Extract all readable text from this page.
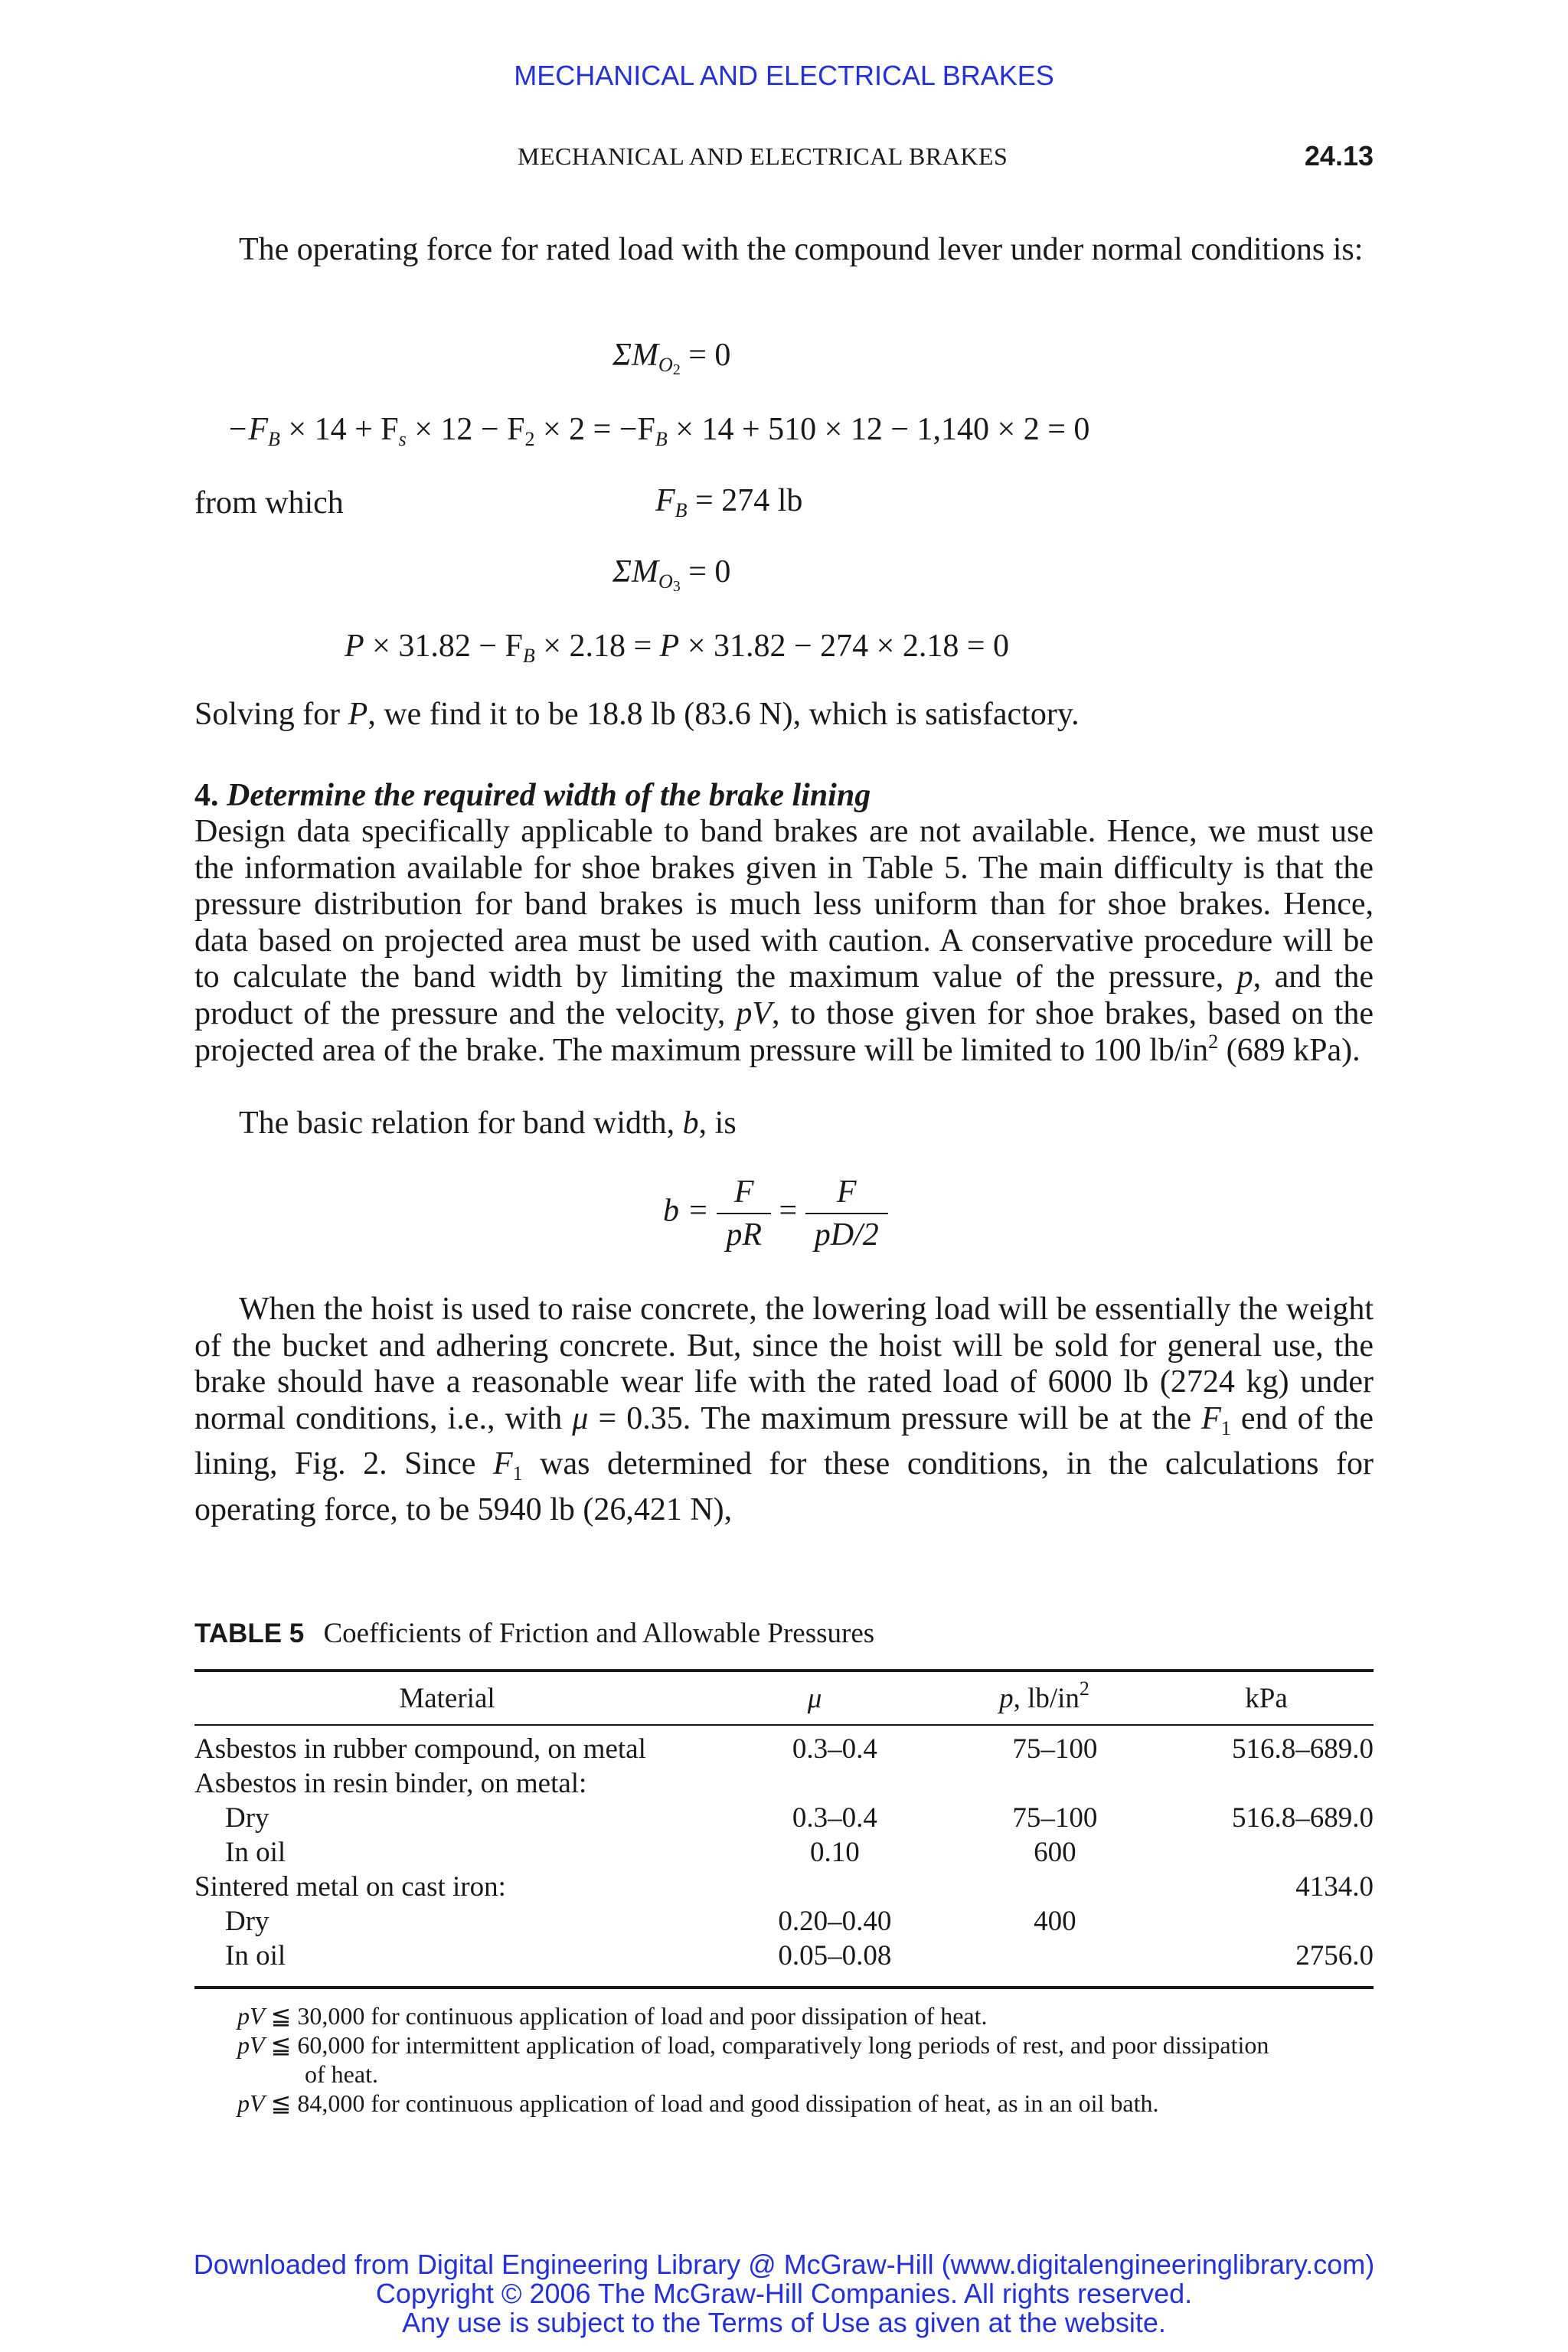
MECHANICAL AND ELECTRICAL BRAKES
MECHANICAL AND ELECTRICAL BRAKES	24.13
The operating force for rated load with the compound lever under normal conditions is:
$\Sigma M_{O_2} = 0$
$-F_B \times 14 + F_s \times 12 - F_2 \times 2 = -F_B \times 14 + 510 \times 12 - 1,140 \times 2 = 0$
from which	$F_B = 274$ lb
$\Sigma M_{O_3} = 0$
$P \times 31.82 - F_B \times 2.18 = P \times 31.82 - 274 \times 2.18 = 0$
Solving for P, we find it to be 18.8 lb (83.6 N), which is satisfactory.
4. Determine the required width of the brake lining
Design data specifically applicable to band brakes are not available. Hence, we must use the information available for shoe brakes given in Table 5. The main difficulty is that the pressure distribution for band brakes is much less uniform than for shoe brakes. Hence, data based on projected area must be used with caution. A conservative procedure will be to calculate the band width by limiting the maximum value of the pressure, p, and the product of the pressure and the velocity, pV, to those given for shoe brakes, based on the projected area of the brake. The maximum pressure will be limited to 100 $lb/in^2$ (689 kPa).
The basic relation for band width, b, is
$b = \frac{F}{pR} = \frac{F}{pD/2}$
When the hoist is used to raise concrete, the lowering load will be essentially the weight of the bucket and adhering concrete. But, since the hoist will be sold for general use, the brake should have a reasonable wear life with the rated load of 6000 lb (2724 kg) under normal conditions, i.e., with μ = 0.35. The maximum pressure will be at the $F_1$ end of the lining, Fig. 2. Since $F_1$ was determined for these conditions, in the calculations for operating force, to be 5940 lb (26,421 N),
TABLE 5 Coefficients of Friction and Allowable Pressures
Material	μ	p, $lb/in^2$	kPa
Asbestos in rubber compound, on metal	0.3–0.4	75–100	516.8–689.0
Asbestos in resin binder, on metal:			
Dry	0.3–0.4	75–100	516.8–689.0
In oil	0.10	600	
Sintered metal on cast iron:			4134.0
Dry	0.20–0.40	400	
In oil	0.05–0.08		2756.0
pV ≦ 30,000 for continuous application of load and poor dissipation of heat.
pV ≦ 60,000 for intermittent application of load, comparatively long periods of rest, and poor dissipation
of heat.
pV ≦ 84,000 for continuous application of load and good dissipation of heat, as in an oil bath.
Downloaded from Digital Engineering Library @ McGraw-Hill (www.digitalengineeringlibrary.com)
Copyright © 2006 The McGraw-Hill Companies. All rights reserved.
Any use is subject to the Terms of Use as given at the website.
